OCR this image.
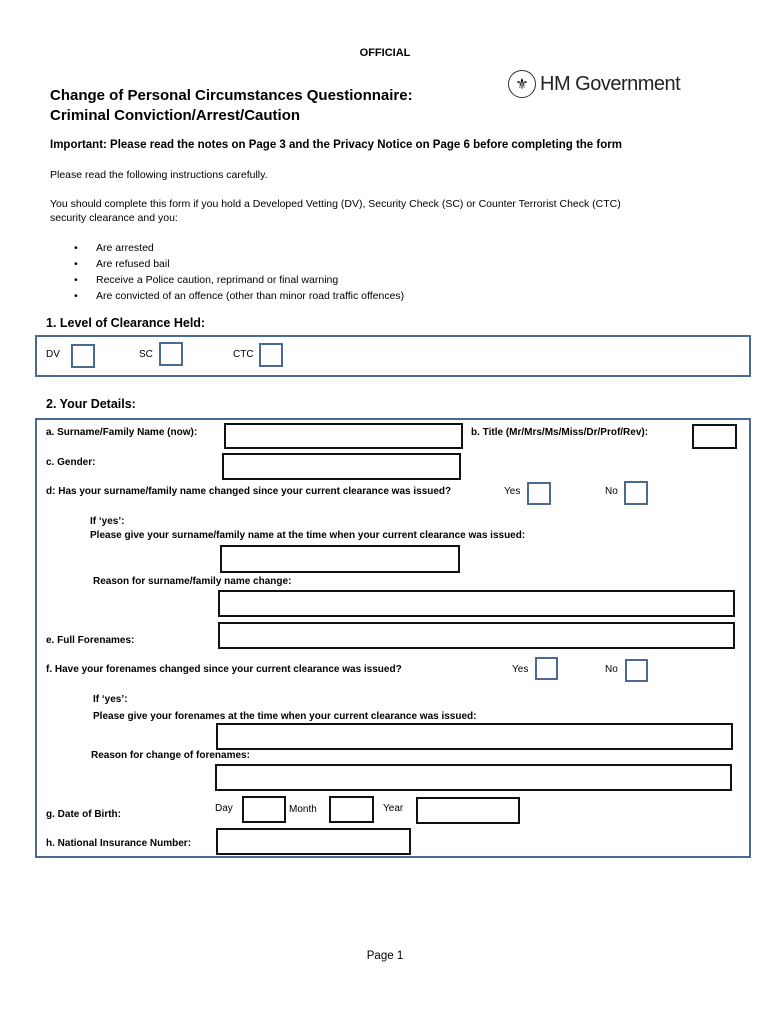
OFFICIAL
⚜ HM Government
Change of Personal Circumstances Questionnaire:
Criminal Conviction/Arrest/Caution
Important: Please read the notes on Page 3 and the Privacy Notice on Page 6 before completing the form
Please read the following instructions carefully.
You should complete this form if you hold a Developed Vetting (DV), Security Check (SC) or Counter Terrorist Check (CTC)
security clearance and you:
• Are arrested
• Are refused bail
• Receive a Police caution, reprimand or final warning
• Are convicted of an offence (other than minor road traffic offences)
1. Level of Clearance Held:
DV	SC	CTC
2. Your Details:
a. Surname/Family Name (now):	b. Title (Mr/Mrs/Ms/Miss/Dr/Prof/Rev):
c. Gender:
d: Has your surname/family name changed since your current clearance was issued?	Yes	No
If ‘yes’:
Please give your surname/family name at the time when your current clearance was issued:
Reason for surname/family name change:
e. Full Forenames:
f. Have your forenames changed since your current clearance was issued?	Yes	No
If ‘yes’:
Please give your forenames at the time when your current clearance was issued:
Reason for change of forenames:
g. Date of Birth:
Day	Month	Year
h. National Insurance Number:
Page 1
